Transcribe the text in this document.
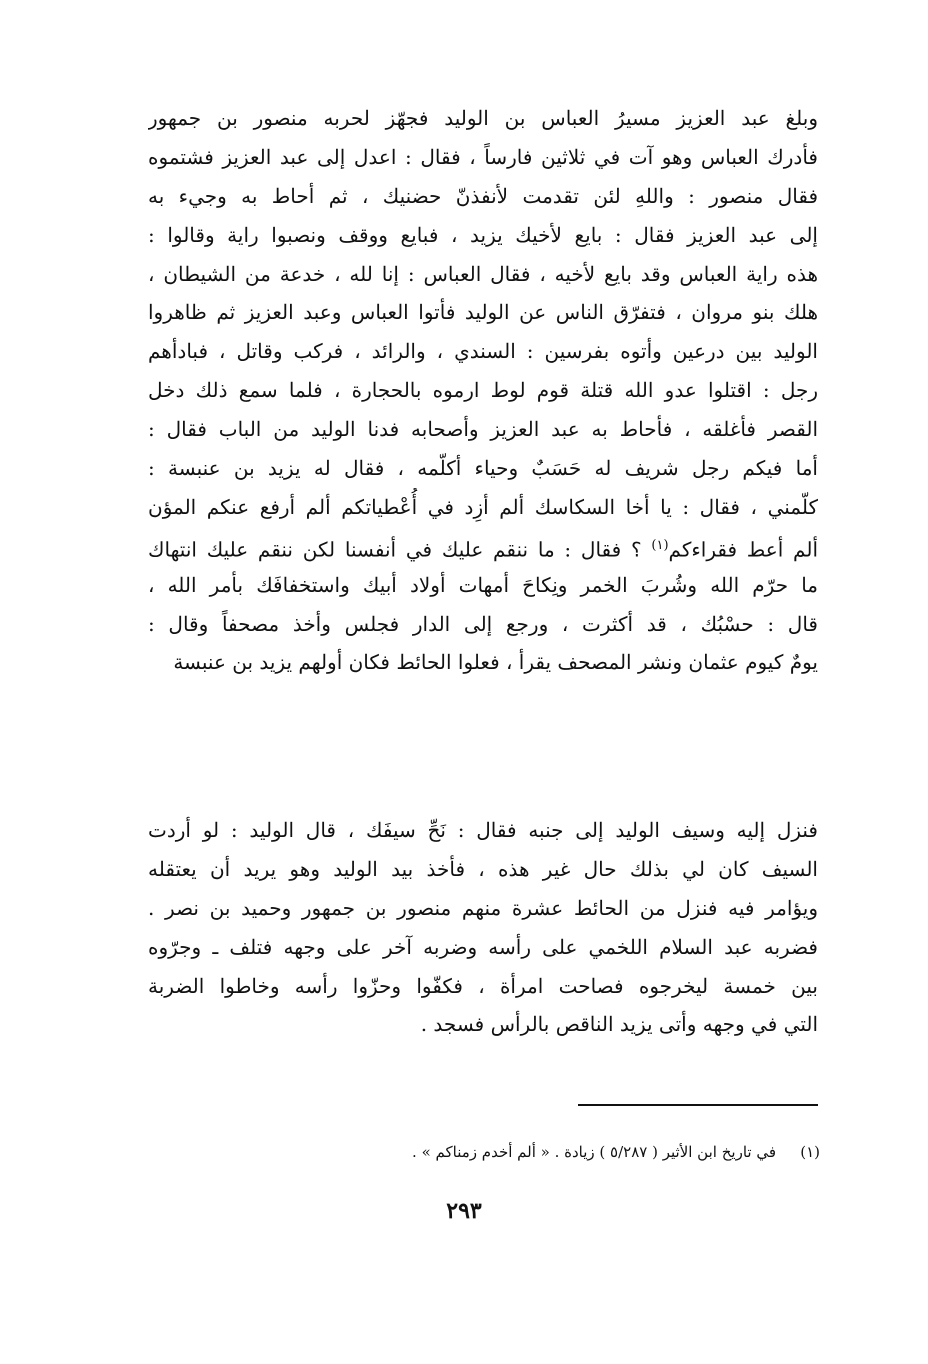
وبلغ عبد العزيز مسيرُ العباس بن الوليد فجهّز لحربه منصور بن جمهور
فأدرك العباس وهو آت في ثلاثين فارساً ، فقال : اعدل إلى عبد العزيز فشتموه
فقال منصور : واللهِ لئن تقدمت لأنفذنّ حضنيك ، ثم أحاط به وجيء به
إلى عبد العزيز فقال : بايع لأخيك يزيد ، فبايع ووقف ونصبوا راية وقالوا :
هذه راية العباس وقد بايع لأخيه ، فقال العباس : إنا لله ، خدعة من الشيطان ،
هلك بنو مروان ، فتفرّق الناس عن الوليد فأتوا العباس وعبد العزيز ثم ظاهروا
الوليد بين درعين وأتوه بفرسين : السندي ، والرائد ، فركب وقاتل ، فبادأهم
رجل : اقتلوا عدو الله قتلة قوم لوط ارموه بالحجارة ، فلما سمع ذلك دخل
القصر فأغلقه ، فأحاط به عبد العزيز وأصحابه فدنا الوليد من الباب فقال :
أما فيكم رجل شريف له حَسَبٌ وحياء أكلّمه ، فقال له يزيد بن عنبسة :
كلّمني ، فقال : يا أخا السكاسك ألم أزِد في أُعْطياتكم ألم أرفع عنكم المؤن
ألم أعط فقراءكم$^{(١)}$ ؟ فقال : ما ننقم عليك في أنفسنا لكن ننقم عليك انتهاك
ما حرّم الله وشُربَ الخمر ونِكاحَ أمهات أولاد أبيك واستخفافَك بأمر الله ،
قال : حسْبُك ، قد أكثرت ، ورجع إلى الدار فجلس وأخذ مصحفاً وقال :
يومٌ كيوم عثمان ونشر المصحف يقرأ ، فعلوا الحائط فكان أولهم يزيد بن عنبسة
فنزل إليه وسيف الوليد إلى جنبه فقال : نَحِّ سيفَك ، قال الوليد : لو أردت
السيف كان لي بذلك حال غير هذه ، فأخذ بيد الوليد وهو يريد أن يعتقله
ويؤامر فيه فنزل من الحائط عشرة منهم منصور بن جمهور وحميد بن نصر .
فضربه عبد السلام اللخمي على رأسه وضربه آخر على وجهه فتلف ـ وجرّوه
بين خمسة ليخرجوه فصاحت امرأة ، فكفّوا وحزّوا رأسه وخاطوا الضربة
التي في وجهه وأتى يزيد الناقص بالرأس فسجد .
(١)في تاريخ ابن الأثير ( ٥/٢٨٧ ) زيادة . « ألم أخدم زمناكم » .
٢٩٣
